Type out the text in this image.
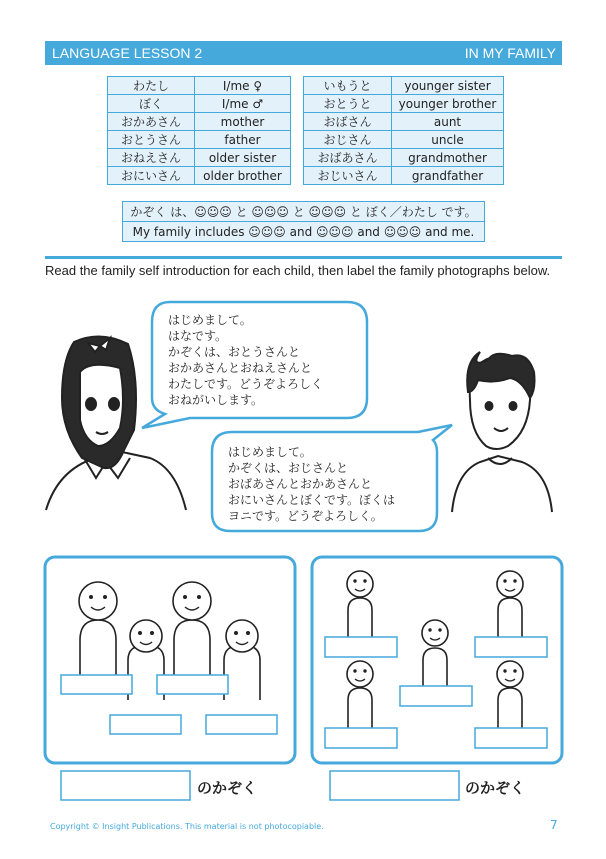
LANGUAGE LESSON 2	IN MY FAMILY
わたし	I/me ♀
ぼく	I/me ♂
おかあさん	mother
おとうさん	father
おねえさん	older sister
おにいさん	older brother
いもうと	younger sister
おとうと	younger brother
おばさん	aunt
おじさん	uncle
おばあさん	grandmother
おじいさん	grandfather
かぞく は、☺☺☺ と ☺☺☺ と ☺☺☺ と ぼく／わたし です。
My family includes ☺☺☺ and ☺☺☺ and ☺☺☺ and me.
Read the family self introduction for each child, then label the family photographs below.
はじめまして。
はなです。
かぞくは、おとうさんと
おかあさんとおねえさんと
わたしです。どうぞよろしく
おねがいします。
はじめまして。
かぞくは、おじさんと
おばあさんとおかあさんと
おにいさんとぼくです。ぼくは
ヨニです。どうぞよろしく。
のかぞく	のかぞく
Copyright © Insight Publications. This material is not photocopiable.	7
